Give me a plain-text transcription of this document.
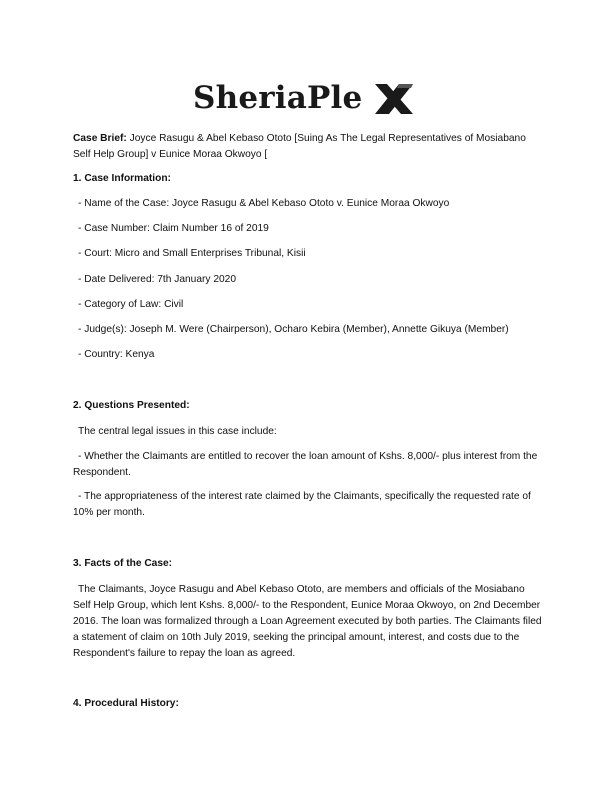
SheriaPle	X

Case Brief: Joyce Rasugu & Abel Kebaso Ototo [Suing As The Legal Representatives of Mosiabano Self Help Group] v Eunice Moraa Okwoyo [

1. Case Information:
- Name of the Case: Joyce Rasugu & Abel Kebaso Ototo v. Eunice Moraa Okwoyo
- Case Number: Claim Number 16 of 2019
- Court: Micro and Small Enterprises Tribunal, Kisii
- Date Delivered: 7th January 2020
- Category of Law: Civil
- Judge(s): Joseph M. Were (Chairperson), Ocharo Kebira (Member), Annette Gikuya (Member)
- Country: Kenya
2. Questions Presented:
The central legal issues in this case include:

- Whether the Claimants are entitled to recover the loan amount of Kshs. 8,000/- plus interest from the Respondent.

- The appropriateness of the interest rate claimed by the Claimants, specifically the requested rate of 10% per month.

3. Facts of the Case:

The Claimants, Joyce Rasugu and Abel Kebaso Ototo, are members and officials of the Mosiabano Self Help Group, which lent Kshs. 8,000/- to the Respondent, Eunice Moraa Okwoyo, on 2nd December 2016. The loan was formalized through a Loan Agreement executed by both parties. The Claimants filed a statement of claim on 10th July 2019, seeking the principal amount, interest, and costs due to the Respondent's failure to repay the loan as agreed.

4. Procedural History:
